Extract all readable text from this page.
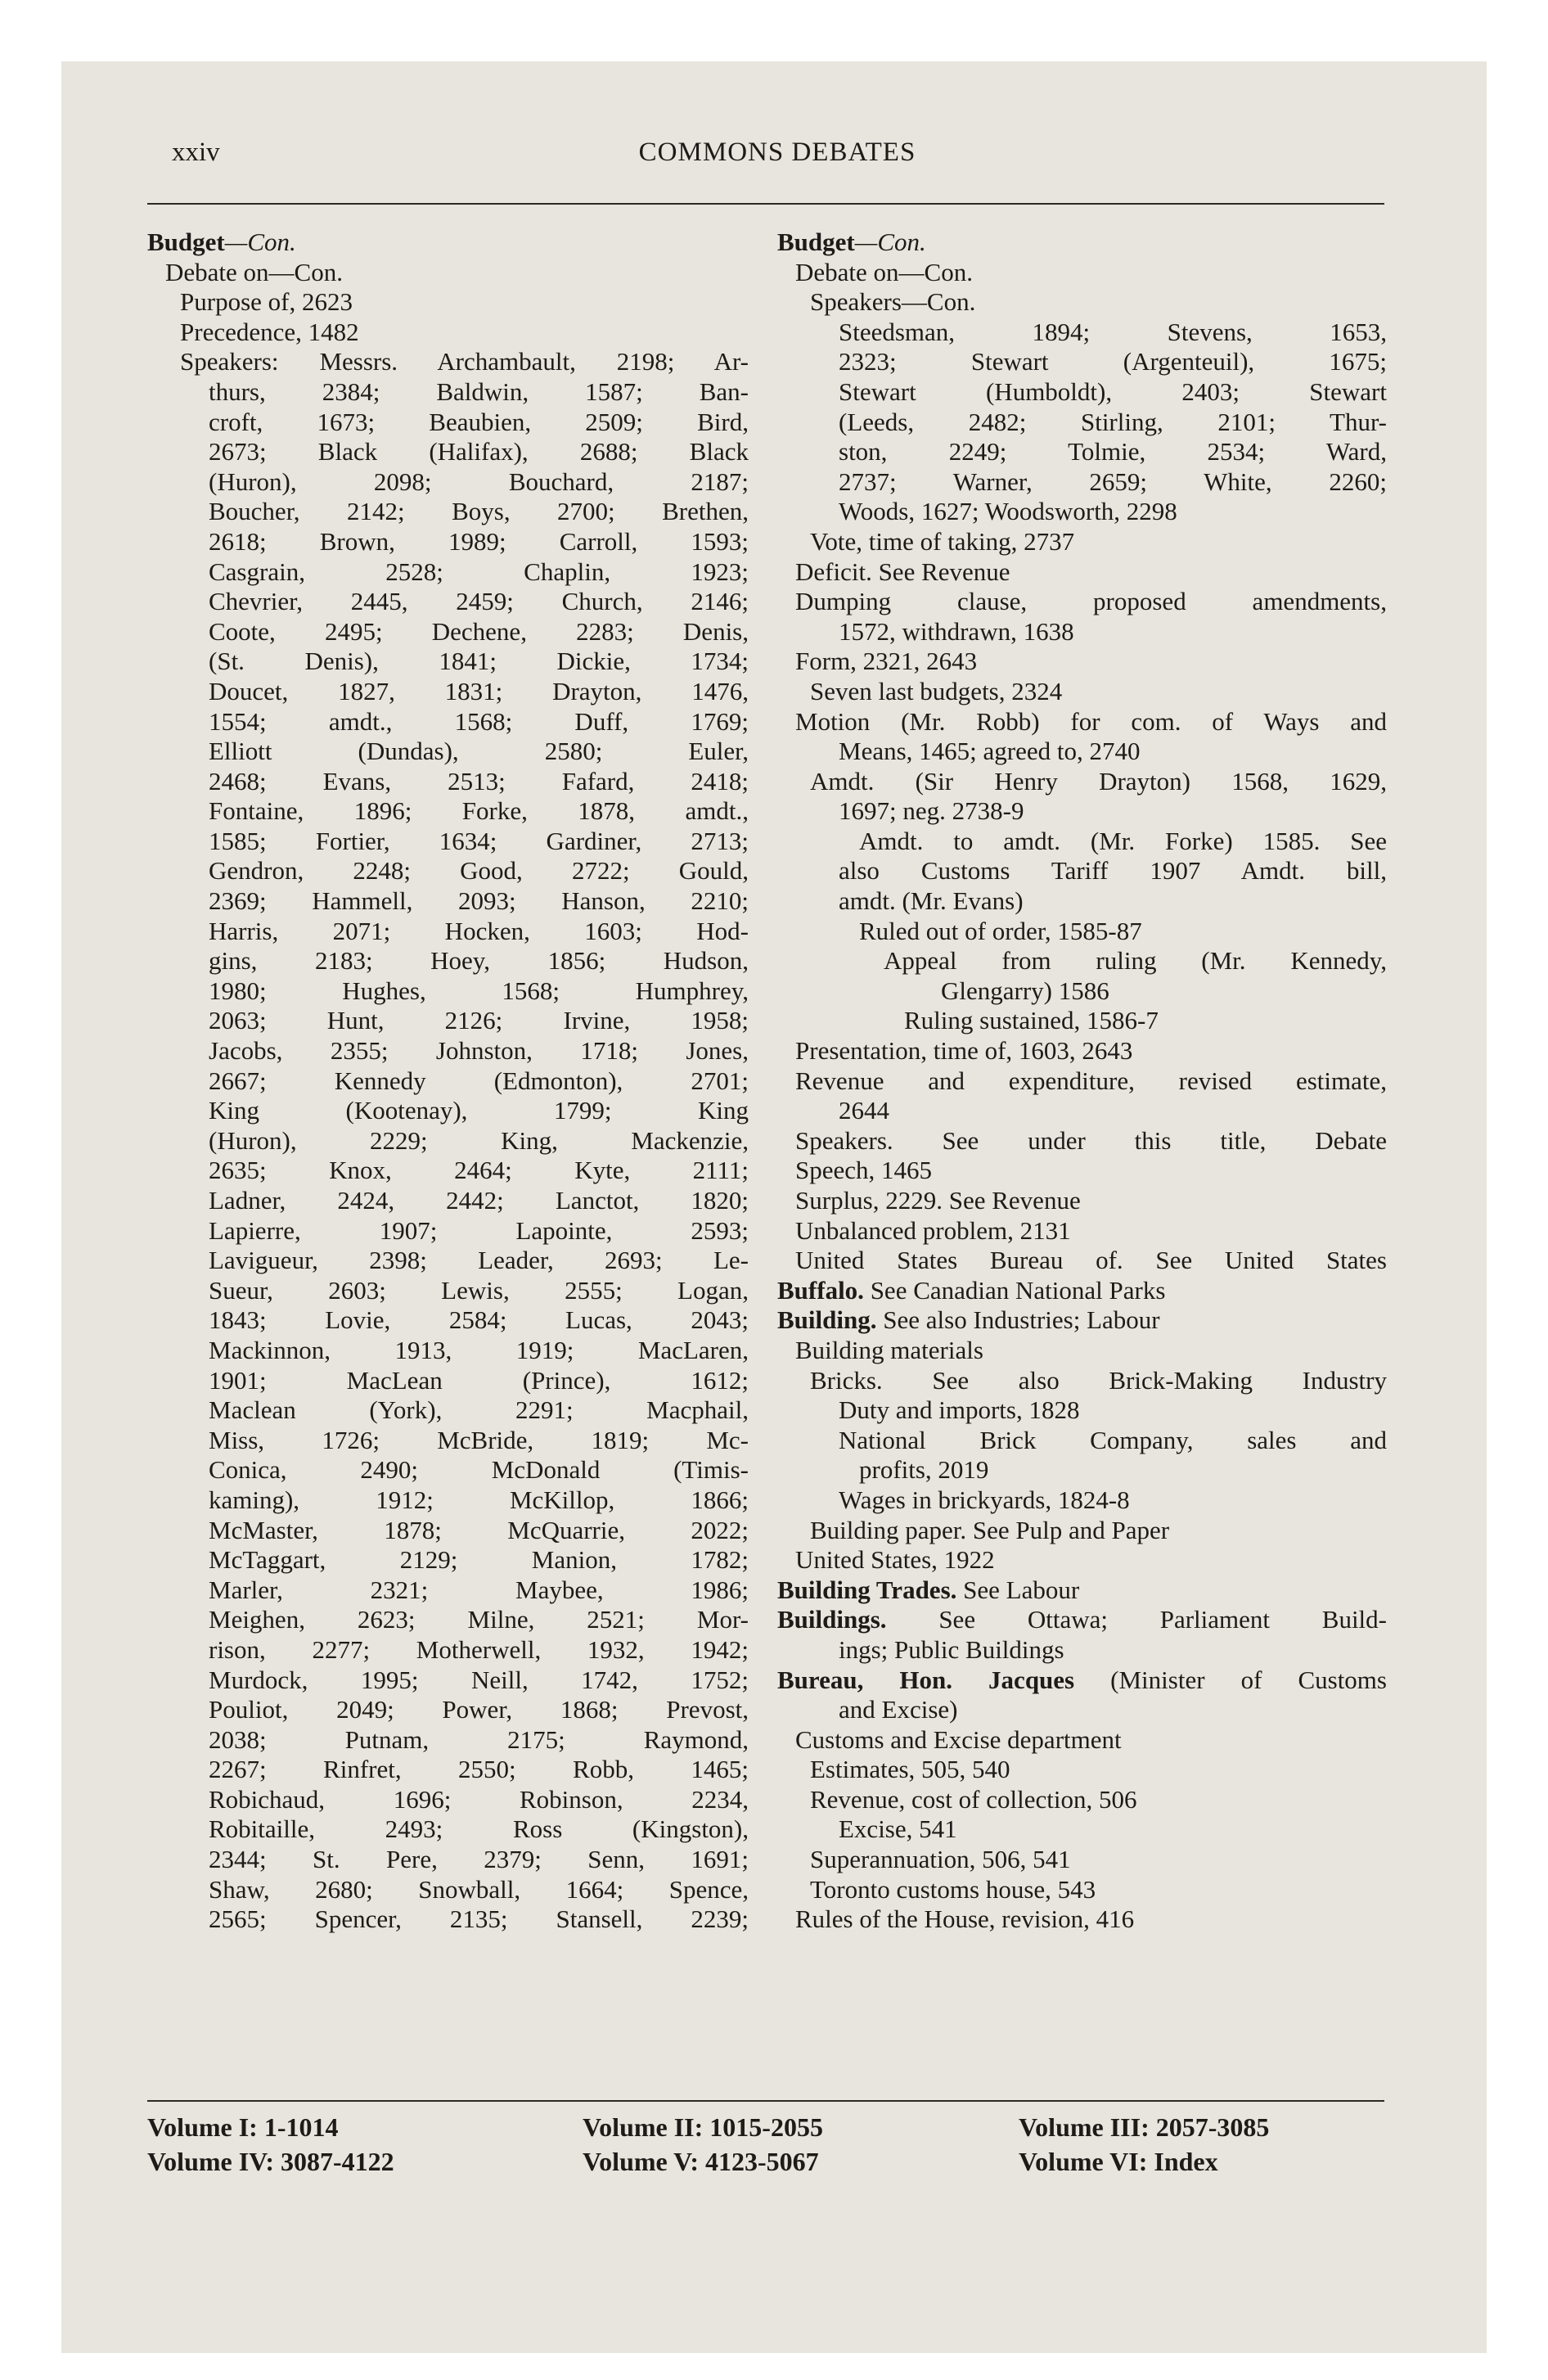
xxiv	COMMONS DEBATES
Budget—Con.
Debate on—Con.
Purpose of, 2623
Precedence, 1482
Speakers: Messrs. Archambault, 2198; Ar-
thurs, 2384; Baldwin, 1587; Ban-
croft, 1673; Beaubien, 2509; Bird,
2673; Black (Halifax), 2688; Black
(Huron), 2098; Bouchard, 2187;
Boucher, 2142; Boys, 2700; Brethen,
2618; Brown, 1989; Carroll, 1593;
Casgrain, 2528; Chaplin, 1923;
Chevrier, 2445, 2459; Church, 2146;
Coote, 2495; Dechene, 2283; Denis,
(St. Denis), 1841; Dickie, 1734;
Doucet, 1827, 1831; Drayton, 1476,
1554; amdt., 1568; Duff, 1769;
Elliott (Dundas), 2580; Euler,
2468; Evans, 2513; Fafard, 2418;
Fontaine, 1896; Forke, 1878, amdt.,
1585; Fortier, 1634; Gardiner, 2713;
Gendron, 2248; Good, 2722; Gould,
2369; Hammell, 2093; Hanson, 2210;
Harris, 2071; Hocken, 1603; Hod-
gins, 2183; Hoey, 1856; Hudson,
1980; Hughes, 1568; Humphrey,
2063; Hunt, 2126; Irvine, 1958;
Jacobs, 2355; Johnston, 1718; Jones,
2667; Kennedy (Edmonton), 2701;
King (Kootenay), 1799; King
(Huron), 2229; King, Mackenzie,
2635; Knox, 2464; Kyte, 2111;
Ladner, 2424, 2442; Lanctot, 1820;
Lapierre, 1907; Lapointe, 2593;
Lavigueur, 2398; Leader, 2693; Le-
Sueur, 2603; Lewis, 2555; Logan,
1843; Lovie, 2584; Lucas, 2043;
Mackinnon, 1913, 1919; MacLaren,
1901; MacLean (Prince), 1612;
Maclean (York), 2291; Macphail,
Miss, 1726; McBride, 1819; Mc-
Conica, 2490; McDonald (Timis-
kaming), 1912; McKillop, 1866;
McMaster, 1878; McQuarrie, 2022;
McTaggart, 2129; Manion, 1782;
Marler, 2321; Maybee, 1986;
Meighen, 2623; Milne, 2521; Mor-
rison, 2277; Motherwell, 1932, 1942;
Murdock, 1995; Neill, 1742, 1752;
Pouliot, 2049; Power, 1868; Prevost,
2038; Putnam, 2175; Raymond,
2267; Rinfret, 2550; Robb, 1465;
Robichaud, 1696; Robinson, 2234,
Robitaille, 2493; Ross (Kingston),
2344; St. Pere, 2379; Senn, 1691;
Shaw, 2680; Snowball, 1664; Spence,
2565; Spencer, 2135; Stansell, 2239;
Budget—Con.
Debate on—Con.
Speakers—Con.
Steedsman, 1894; Stevens, 1653,
2323; Stewart (Argenteuil), 1675;
Stewart (Humboldt), 2403; Stewart
(Leeds, 2482; Stirling, 2101; Thur-
ston, 2249; Tolmie, 2534; Ward,
2737; Warner, 2659; White, 2260;
Woods, 1627; Woodsworth, 2298
Vote, time of taking, 2737
Deficit. See Revenue
Dumping clause, proposed amendments,
1572, withdrawn, 1638
Form, 2321, 2643
Seven last budgets, 2324
Motion (Mr. Robb) for com. of Ways and
Means, 1465; agreed to, 2740
Amdt. (Sir Henry Drayton) 1568, 1629,
1697; neg. 2738-9
Amdt. to amdt. (Mr. Forke) 1585. See
also Customs Tariff 1907 Amdt. bill,
amdt. (Mr. Evans)
Ruled out of order, 1585-87
Appeal from ruling (Mr. Kennedy,
Glengarry) 1586
Ruling sustained, 1586-7
Presentation, time of, 1603, 2643
Revenue and expenditure, revised estimate,
2644
Speakers. See under this title, Debate
Speech, 1465
Surplus, 2229. See Revenue
Unbalanced problem, 2131
United States Bureau of. See United States
Buffalo. See Canadian National Parks
Building. See also Industries; Labour
Building materials
Bricks. See also Brick-Making Industry
Duty and imports, 1828
National Brick Company, sales and
profits, 2019
Wages in brickyards, 1824-8
Building paper. See Pulp and Paper
United States, 1922
Building Trades. See Labour
Buildings. See Ottawa; Parliament Build-
ings; Public Buildings
Bureau, Hon. Jacques (Minister of Customs
and Excise)
Customs and Excise department
Estimates, 505, 540
Revenue, cost of collection, 506
Excise, 541
Superannuation, 506, 541
Toronto customs house, 543
Rules of the House, revision, 416
Volume I: 1-1014
Volume IV: 3087-4122
Volume II: 1015-2055
Volume V: 4123-5067
Volume III: 2057-3085
Volume VI: Index
